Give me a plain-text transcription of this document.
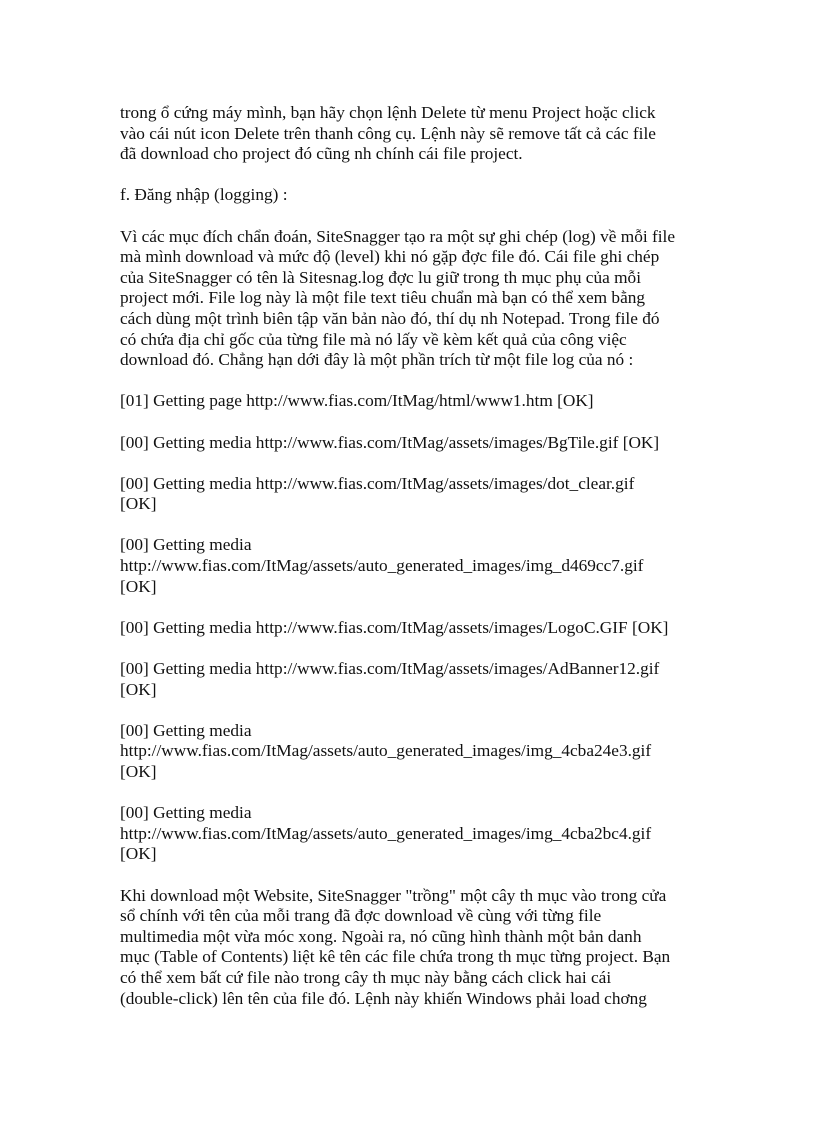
trong ổ cứng máy mình, bạn hãy chọn lệnh Delete từ menu Project hoặc click
vào cái nút icon Delete trên thanh công cụ. Lệnh này sẽ remove tất cả các file
đã download cho project đó cũng nh chính cái file project.

f. Đăng nhập (logging) :

Vì các mục đích chẩn đoán, SiteSnagger tạo ra một sự ghi chép (log) về mỗi file
mà mình download và mức độ (level) khi nó gặp đợc file đó. Cái file ghi chép
của SiteSnagger có tên là Sitesnag.log đợc lu giữ trong th mục phụ của mỗi
project mới. File log này là một file text tiêu chuẩn mà bạn có thể xem bằng
cách dùng một trình biên tập văn bản nào đó, thí dụ nh Notepad. Trong file đó
có chứa địa chỉ gốc của từng file mà nó lấy về kèm kết quả của công việc
download đó. Chẳng hạn dới đây là một phần trích từ một file log của nó :

[01] Getting page http://www.fias.com/ItMag/html/www1.htm [OK]

[00] Getting media http://www.fias.com/ItMag/assets/images/BgTile.gif [OK]

[00] Getting media http://www.fias.com/ItMag/assets/images/dot_clear.gif
[OK]

[00] Getting media
http://www.fias.com/ItMag/assets/auto_generated_images/img_d469cc7.gif
[OK]

[00] Getting media http://www.fias.com/ItMag/assets/images/LogoC.GIF [OK]

[00] Getting media http://www.fias.com/ItMag/assets/images/AdBanner12.gif
[OK]

[00] Getting media
http://www.fias.com/ItMag/assets/auto_generated_images/img_4cba24e3.gif
[OK]

[00] Getting media
http://www.fias.com/ItMag/assets/auto_generated_images/img_4cba2bc4.gif
[OK]

Khi download một Website, SiteSnagger "trồng" một cây th mục vào trong cửa
sổ chính với tên của mỗi trang đã đợc download về cùng với từng file
multimedia một vừa móc xong. Ngoài ra, nó cũng hình thành một bản danh
mục (Table of Contents) liệt kê tên các file chứa trong th mục từng project. Bạn
có thể xem bất cứ file nào trong cây th mục này bằng cách click hai cái
(double-click) lên tên của file đó. Lệnh này khiến Windows phải load chơng
